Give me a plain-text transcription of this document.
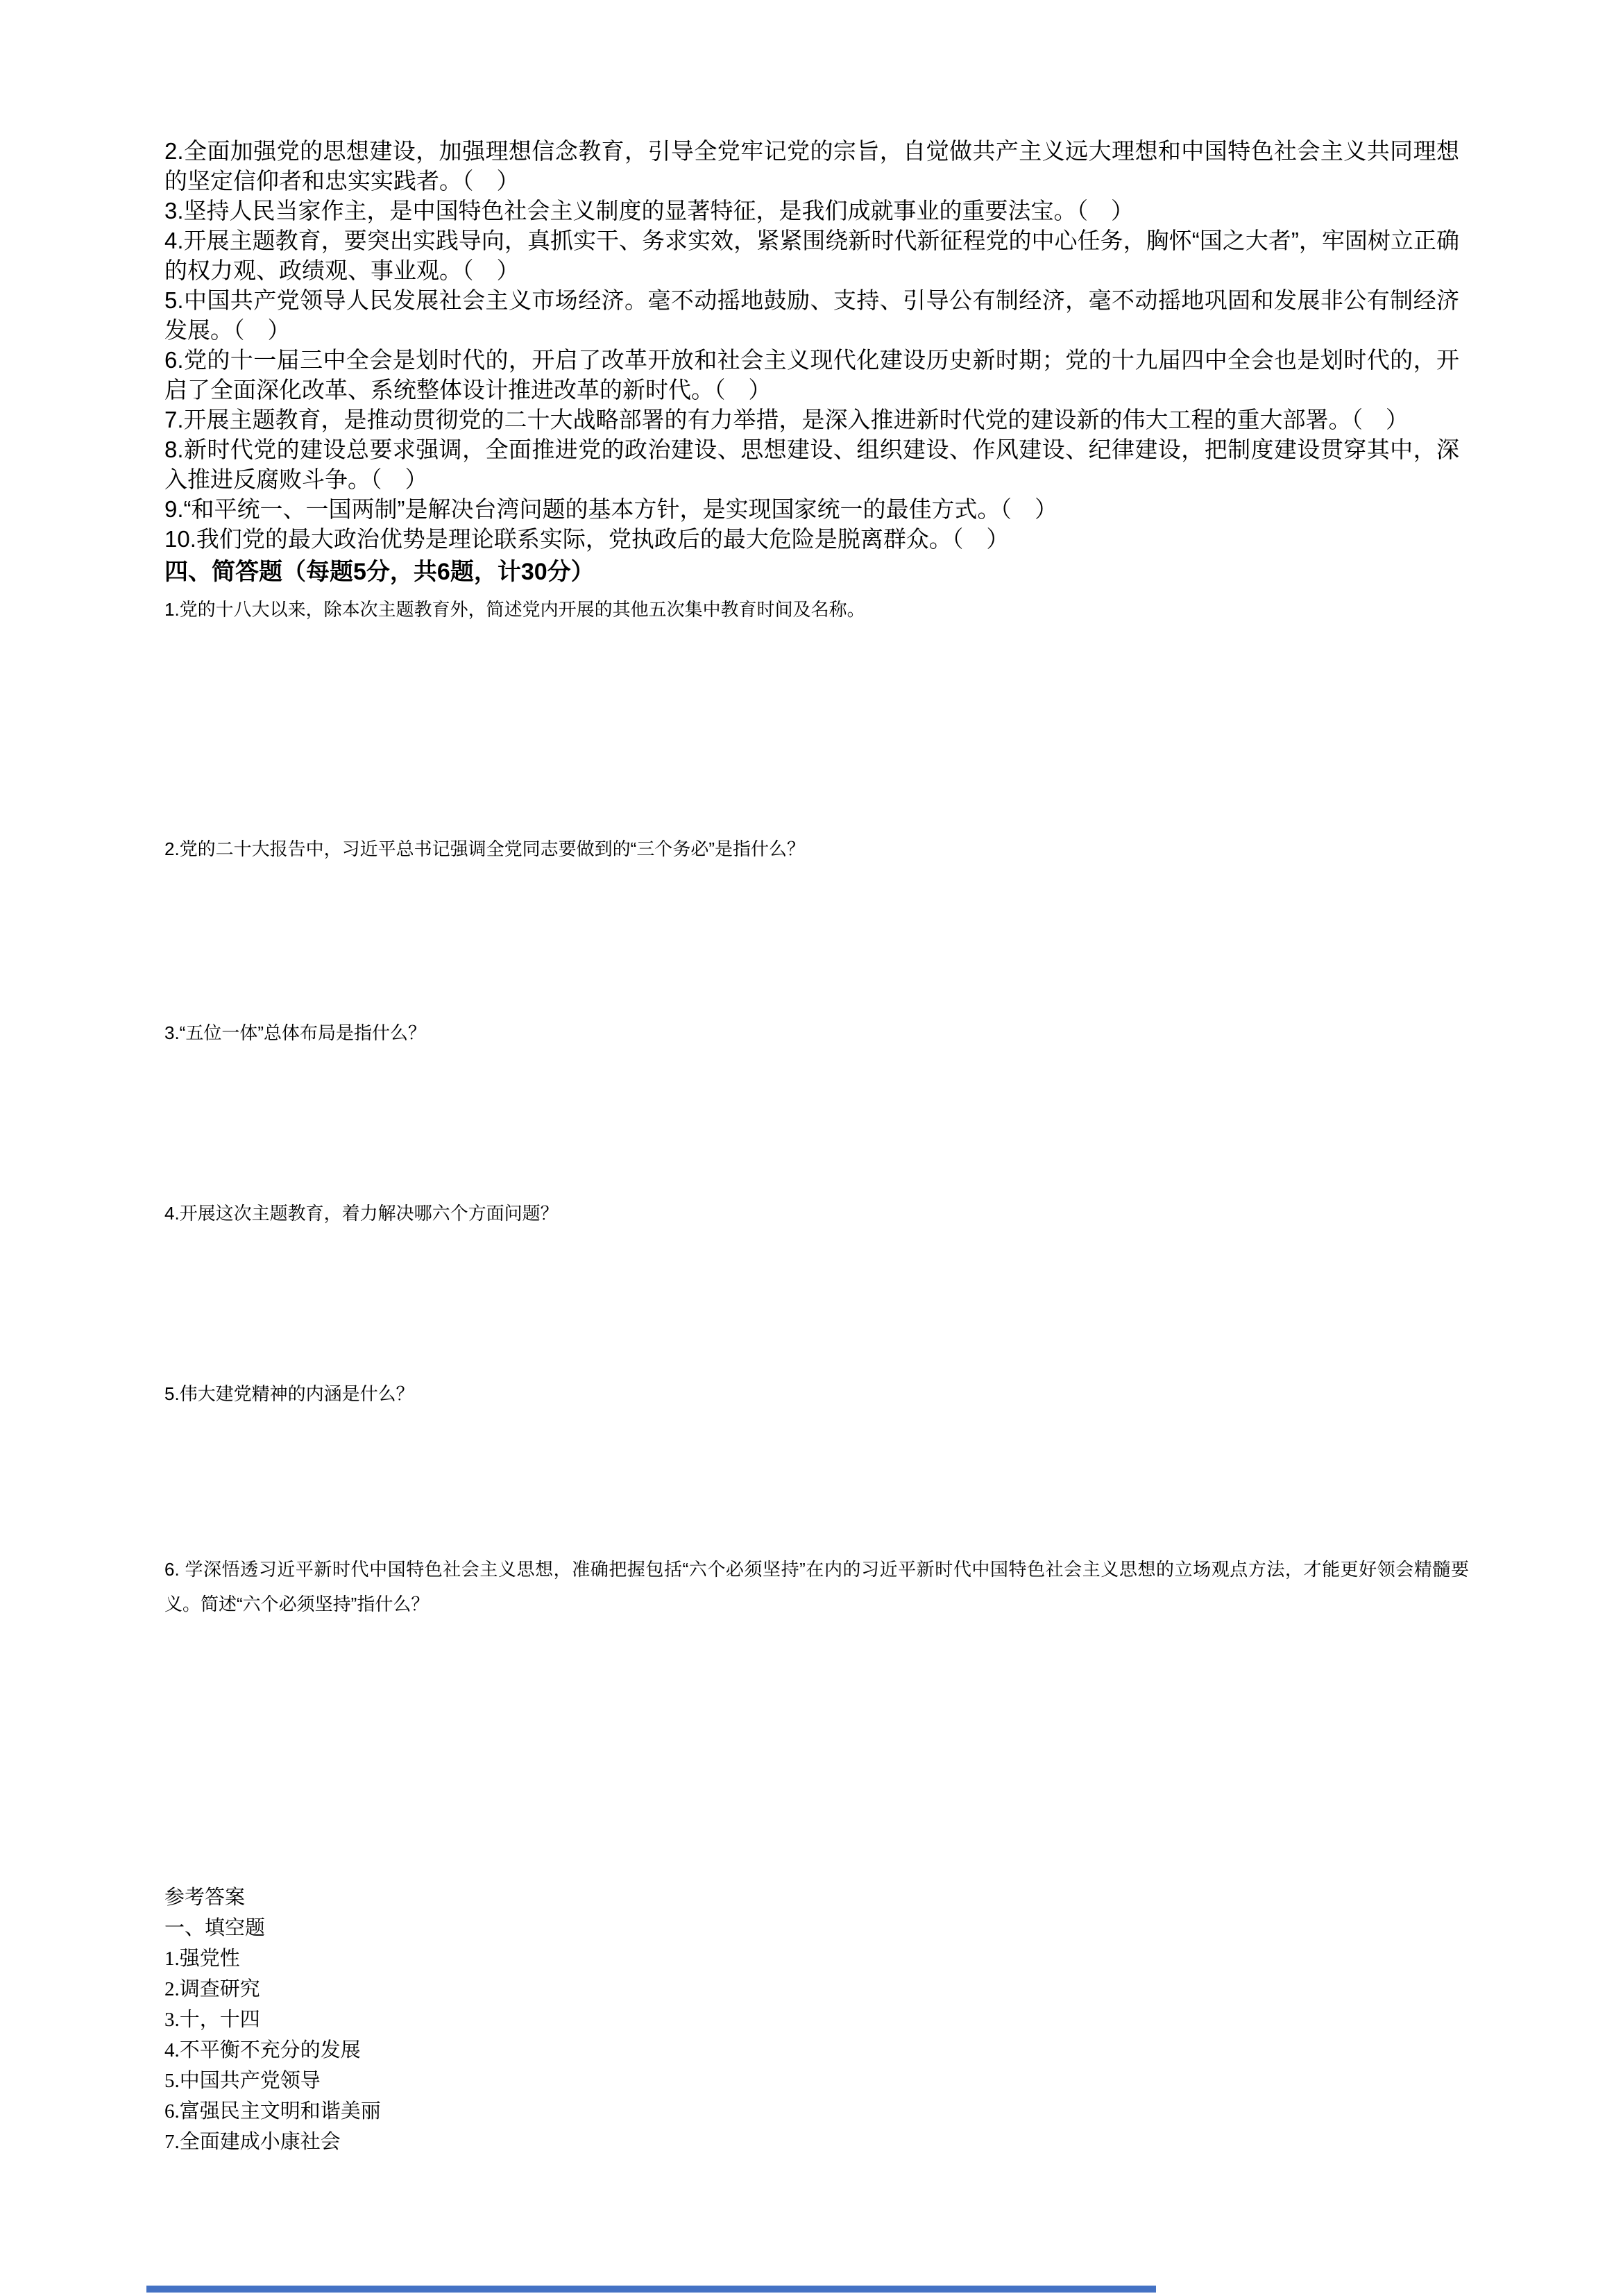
2.全面加强党的思想建设，加强理想信念教育，引导全党牢记党的宗旨，自觉做共产主义远大理想和中国特色社会主义共同理想的坚定信仰者和忠实实践者。（　）

3.坚持人民当家作主，是中国特色社会主义制度的显著特征，是我们成就事业的重要法宝。（　）

4.开展主题教育，要突出实践导向，真抓实干、务求实效，紧紧围绕新时代新征程党的中心任务，胸怀“国之大者”，牢固树立正确的权力观、政绩观、事业观。（　）

5.中国共产党领导人民发展社会主义市场经济。毫不动摇地鼓励、支持、引导公有制经济，毫不动摇地巩固和发展非公有制经济发展。（　）

6.党的十一届三中全会是划时代的，开启了改革开放和社会主义现代化建设历史新时期；党的十九届四中全会也是划时代的，开启了全面深化改革、系统整体设计推进改革的新时代。（　）

7.开展主题教育，是推动贯彻党的二十大战略部署的有力举措，是深入推进新时代党的建设新的伟大工程的重大部署。（　）

8.新时代党的建设总要求强调，全面推进党的政治建设、思想建设、组织建设、作风建设、纪律建设，把制度建设贯穿其中，深入推进反腐败斗争。（　）

9.“和平统一、一国两制”是解决台湾问题的基本方针，是实现国家统一的最佳方式。（　）

10.我们党的最大政治优势是理论联系实际，党执政后的最大危险是脱离群众。（　）

四、简答题（每题5分，共6题，计30分）

1.党的十八大以来，除本次主题教育外，简述党内开展的其他五次集中教育时间及名称。

2.党的二十大报告中，习近平总书记强调全党同志要做到的“三个务必”是指什么？

3.“五位一体”总体布局是指什么？

4.开展这次主题教育，着力解决哪六个方面问题？

5.伟大建党精神的内涵是什么？

6. 学深悟透习近平新时代中国特色社会主义思想，准确把握包括“六个必须坚持”在内的习近平新时代中国特色社会主义思想的立场观点方法，才能更好领会精髓要义。简述“六个必须坚持”指什么？

参考答案

一、填空题

1.强党性

2.调查研究

3.十，十四

4.不平衡不充分的发展

5.中国共产党领导

6.富强民主文明和谐美丽

7.全面建成小康社会
